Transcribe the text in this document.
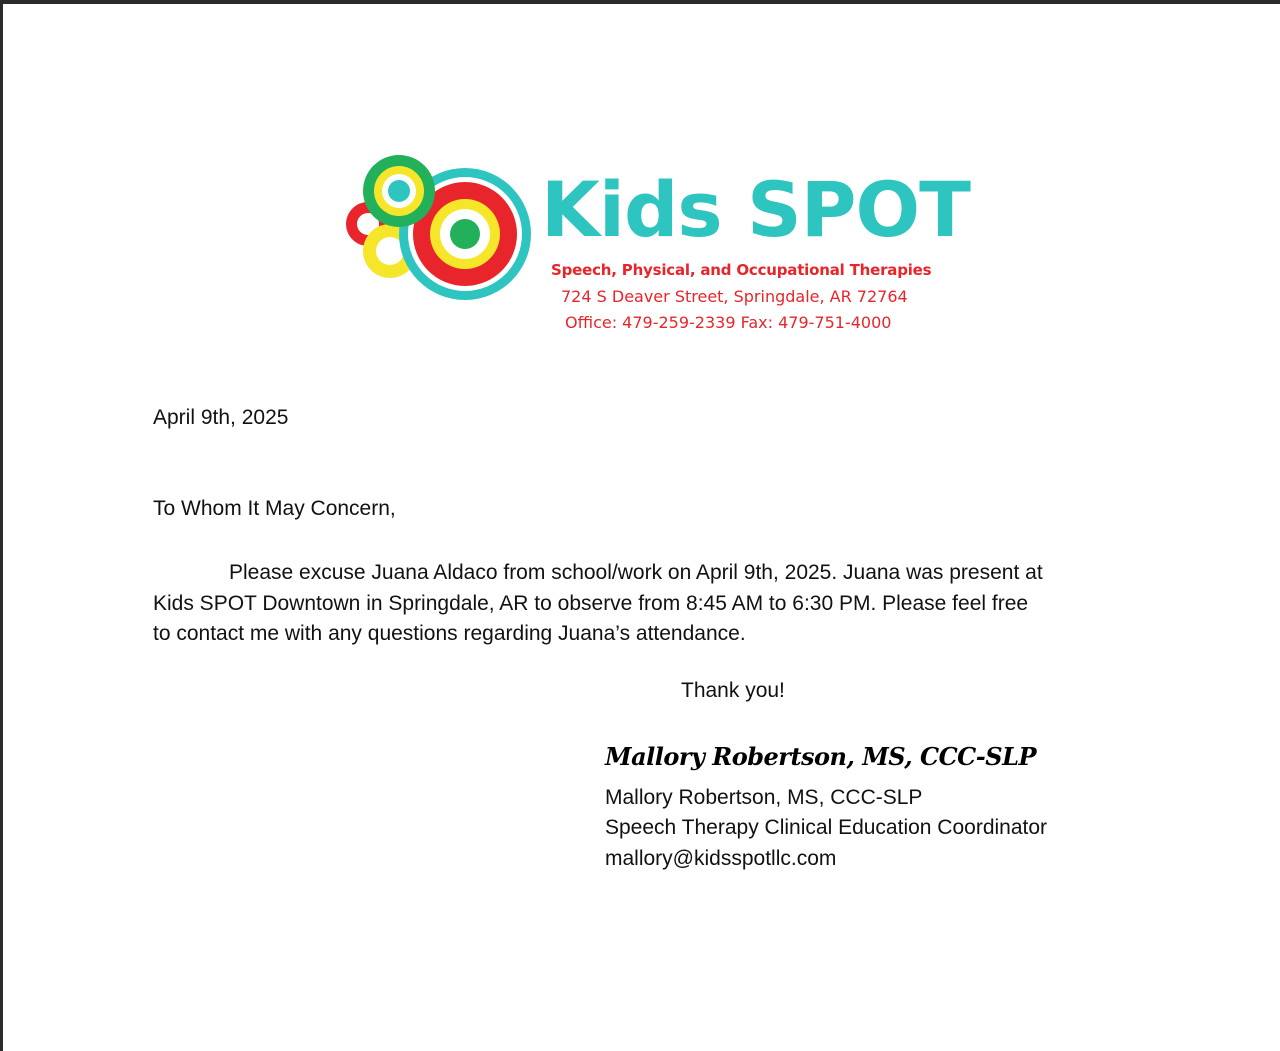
Kids SPOT
Speech, Physical, and Occupational Therapies
724 S Deaver Street, Springdale, AR 72764
Office: 479-259-2339 Fax: 479-751-4000
April 9th, 2025
To Whom It May Concern,
Please excuse Juana Aldaco from school/work on April 9th, 2025. Juana was present at
Kids SPOT Downtown in Springdale, AR to observe from 8:45 AM to 6:30 PM. Please feel free
to contact me with any questions regarding Juana’s attendance.
Thank you!
Mallory Robertson, MS, CCC-SLP
Mallory Robertson, MS, CCC-SLP
Speech Therapy Clinical Education Coordinator
mallory@kidsspotllc.com
